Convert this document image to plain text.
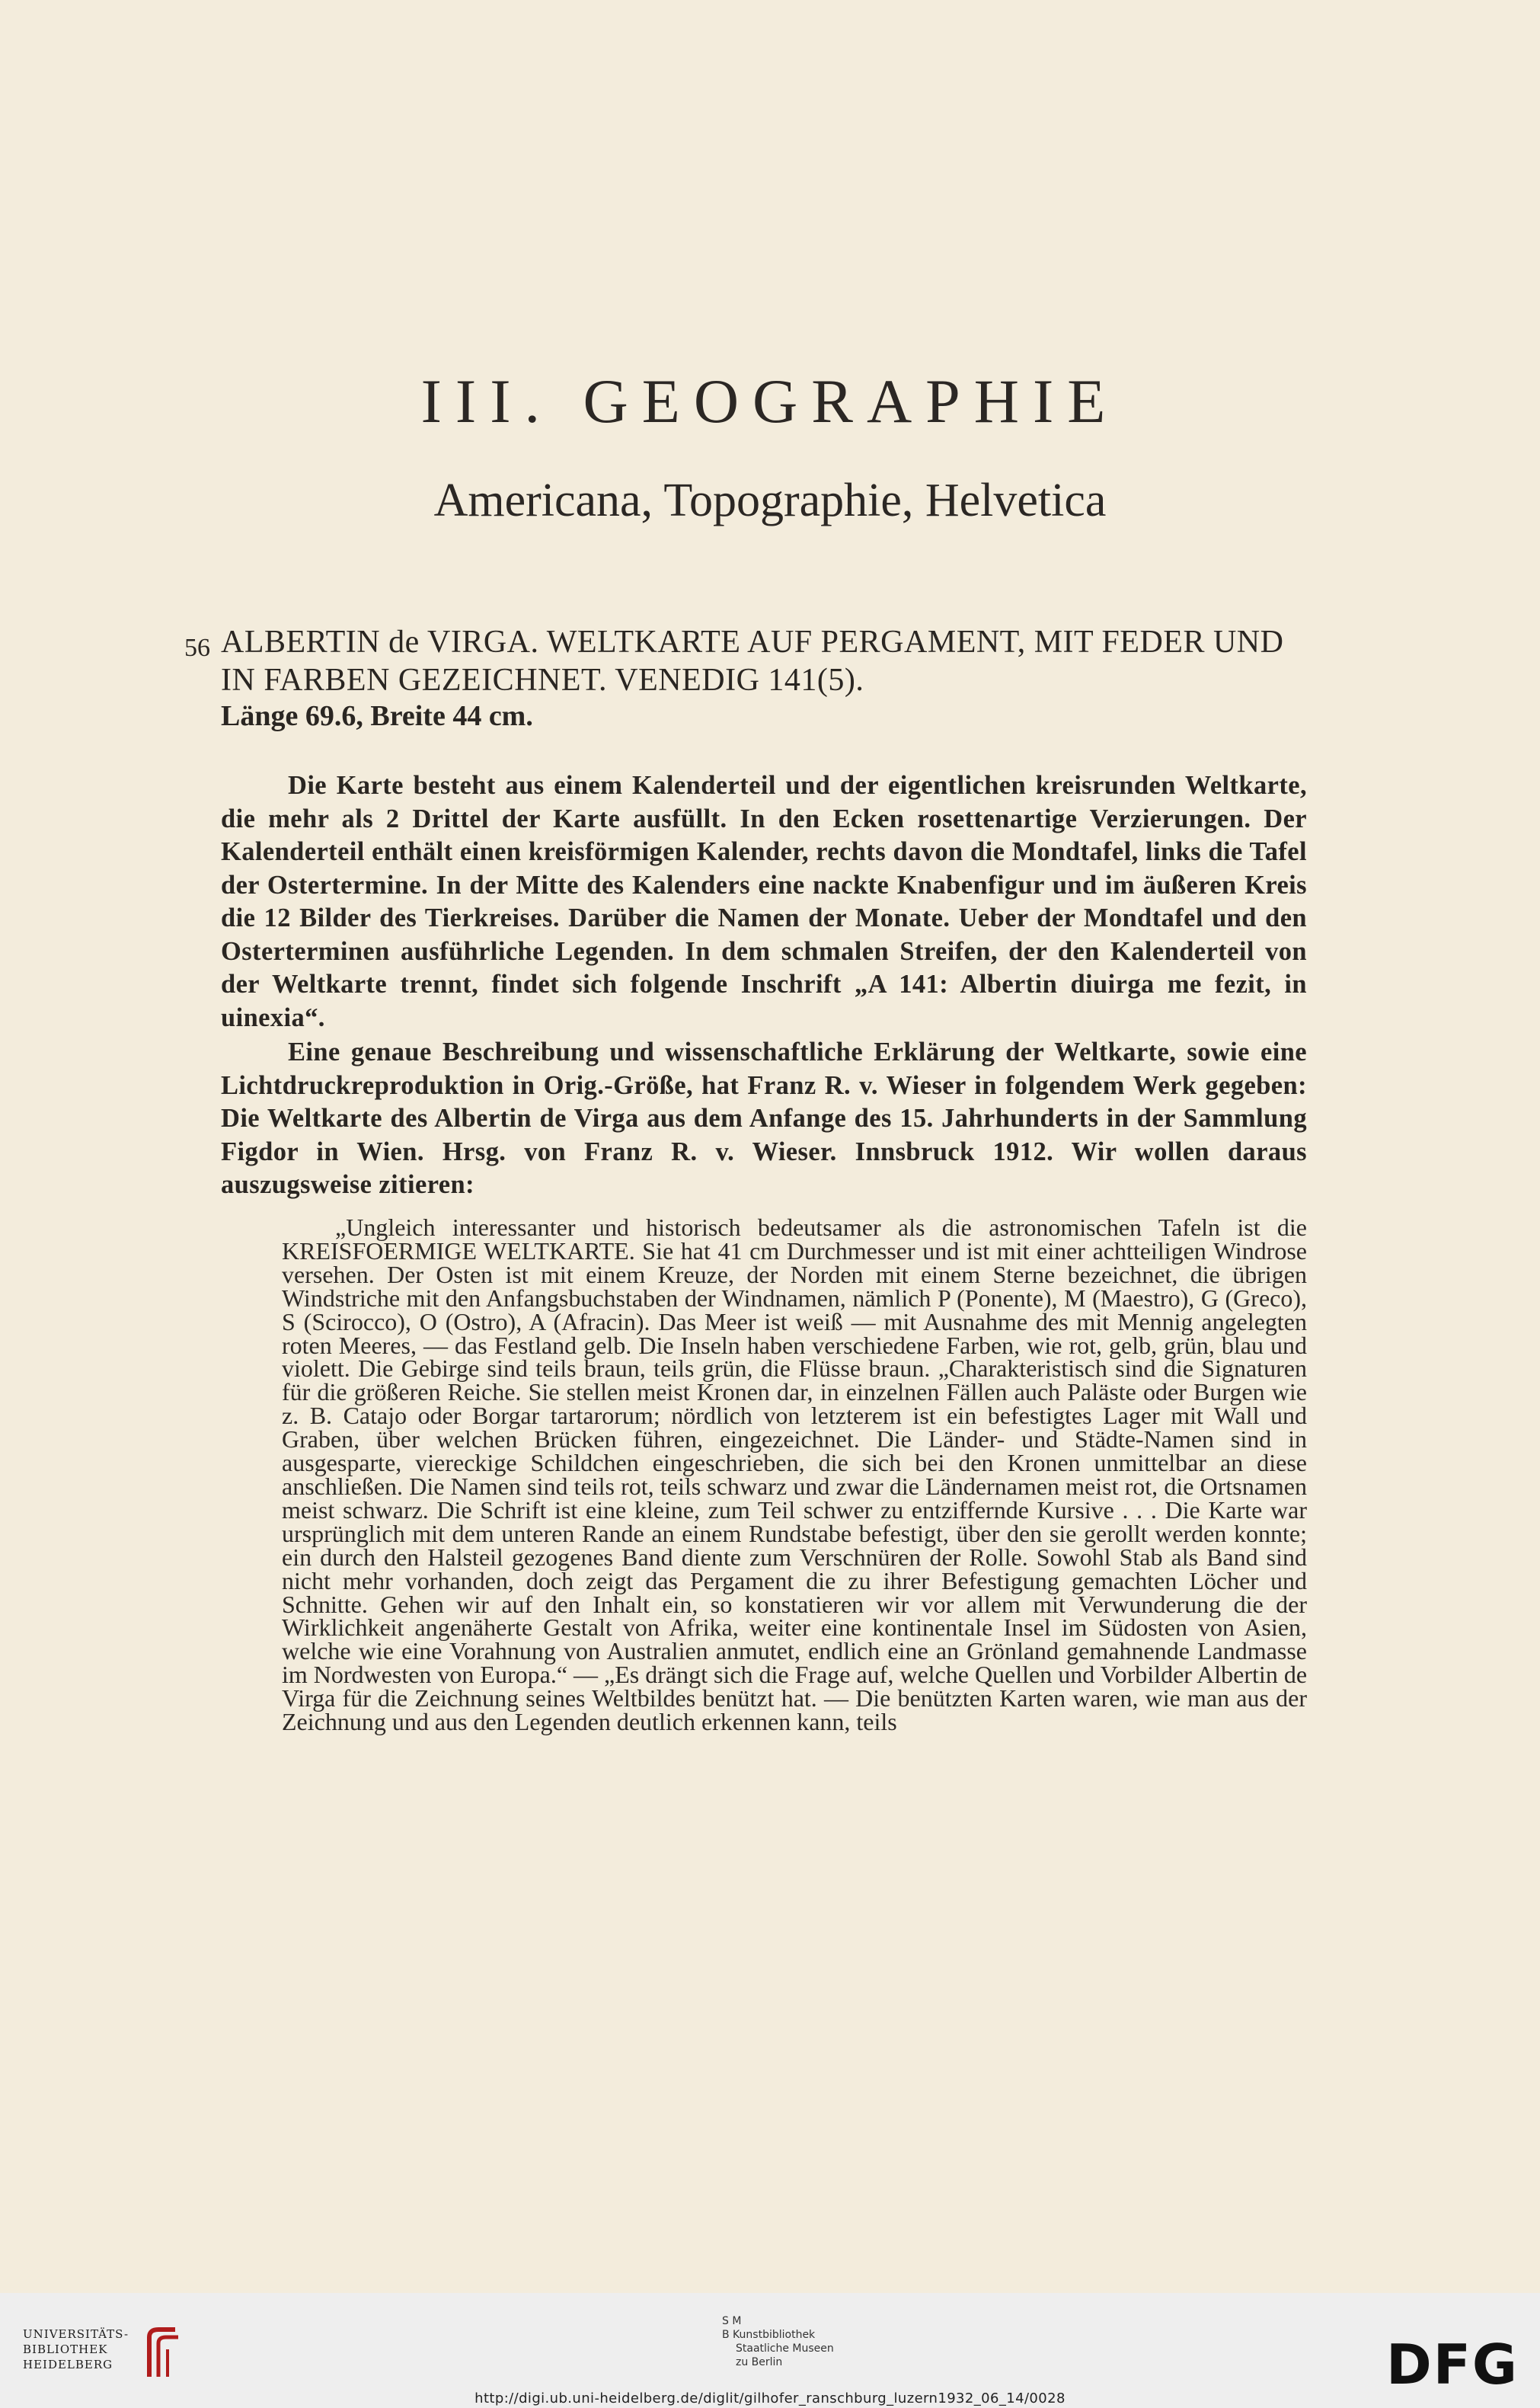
III. GEOGRAPHIE
Americana, Topographie, Helvetica
56 ALBERTIN de VIRGA. WELTKARTE AUF PERGAMENT, MIT FEDER UND IN FARBEN GEZEICHNET. VENEDIG 141(5).
Länge 69.6, Breite 44 cm.
Die Karte besteht aus einem Kalenderteil und der eigentlichen kreisrunden Weltkarte, die mehr als 2 Drittel der Karte ausfüllt. In den Ecken rosettenartige Verzierungen. Der Kalenderteil enthält einen kreisförmigen Kalender, rechts davon die Mondtafel, links die Tafel der Ostertermine. In der Mitte des Kalenders eine nackte Knabenfigur und im äußeren Kreis die 12 Bilder des Tierkreises. Darüber die Namen der Monate. Ueber der Mondtafel und den Osterterminen ausführliche Legenden. In dem schmalen Streifen, der den Kalenderteil von der Weltkarte trennt, findet sich folgende Inschrift „A 141: Albertin diuirga me fezit, in uinexia“.
Eine genaue Beschreibung und wissenschaftliche Erklärung der Weltkarte, sowie eine Lichtdruckreproduktion in Orig.-Größe, hat Franz R. v. Wieser in folgendem Werk gegeben: Die Weltkarte des Albertin de Virga aus dem Anfange des 15. Jahrhunderts in der Sammlung Figdor in Wien. Hrsg. von Franz R. v. Wieser. Innsbruck 1912. Wir wollen daraus auszugsweise zitieren:
„Ungleich interessanter und historisch bedeutsamer als die astronomischen Tafeln ist die KREISFOERMIGE WELTKARTE. Sie hat 41 cm Durchmesser und ist mit einer achtteiligen Windrose versehen. Der Osten ist mit einem Kreuze, der Norden mit einem Sterne bezeichnet, die übrigen Windstriche mit den Anfangsbuchstaben der Windnamen, nämlich P (Ponente), M (Maestro), G (Greco), S (Scirocco), O (Ostro), A (Afracin). Das Meer ist weiß — mit Ausnahme des mit Mennig angelegten roten Meeres, — das Festland gelb. Die Inseln haben verschiedene Farben, wie rot, gelb, grün, blau und violett. Die Gebirge sind teils braun, teils grün, die Flüsse braun. „Charakteristisch sind die Signaturen für die größeren Reiche. Sie stellen meist Kronen dar, in einzelnen Fällen auch Paläste oder Burgen wie z. B. Catajo oder Borgar tartarorum; nördlich von letzterem ist ein befestigtes Lager mit Wall und Graben, über welchen Brücken führen, eingezeichnet. Die Länder- und Städte-Namen sind in ausgesparte, viereckige Schildchen eingeschrieben, die sich bei den Kronen unmittelbar an diese anschließen. Die Namen sind teils rot, teils schwarz und zwar die Ländernamen meist rot, die Ortsnamen meist schwarz. Die Schrift ist eine kleine, zum Teil schwer zu entziffernde Kursive . . . Die Karte war ursprünglich mit dem unteren Rande an einem Rundstabe befestigt, über den sie gerollt werden konnte; ein durch den Halsteil gezogenes Band diente zum Verschnüren der Rolle. Sowohl Stab als Band sind nicht mehr vorhanden, doch zeigt das Pergament die zu ihrer Befestigung gemachten Löcher und Schnitte. Gehen wir auf den Inhalt ein, so konstatieren wir vor allem mit Verwunderung die der Wirklichkeit angenäherte Gestalt von Afrika, weiter eine kontinentale Insel im Südosten von Asien, welche wie eine Vorahnung von Australien anmutet, endlich eine an Grönland gemahnende Landmasse im Nordwesten von Europa.“ — „Es drängt sich die Frage auf, welche Quellen und Vorbilder Albertin de Virga für die Zeichnung seines Weltbildes benützt hat. — Die benützten Karten waren, wie man aus der Zeichnung und aus den Legenden deutlich erkennen kann, teils
UNIVERSITÄTS-
BIBLIOTHEK
HEIDELBERG
S M
B Kunstbibliothek
Staatliche Museen
zu Berlin	DFG
http://digi.ub.uni-heidelberg.de/diglit/gilhofer_ranschburg_luzern1932_06_14/0028
